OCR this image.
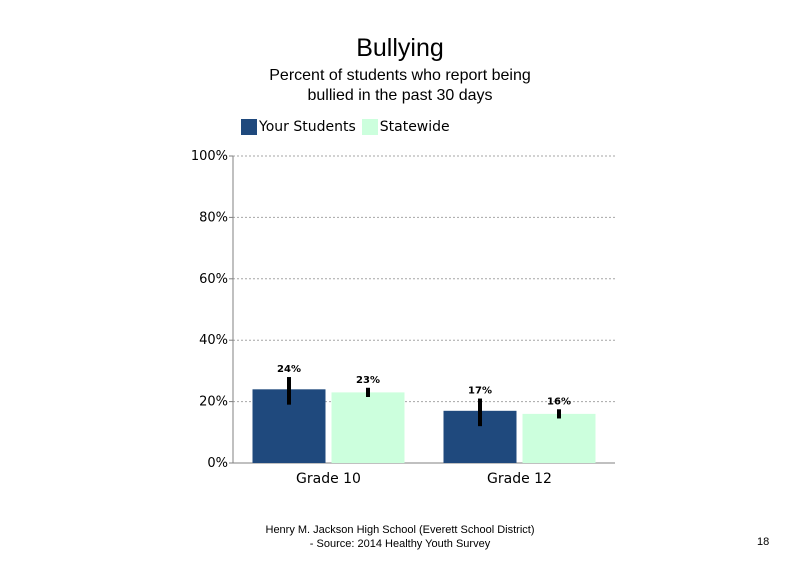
Bullying
Percent of students who report being bullied in the past 30 days
Your Students Statewide
0%
20%
40%
60%
80%
100%
Grade 10
24%
23%
Grade 12
17%
16%
Henry M. Jackson High School (Everett School District)
- Source: 2014 Healthy Youth Survey	18
